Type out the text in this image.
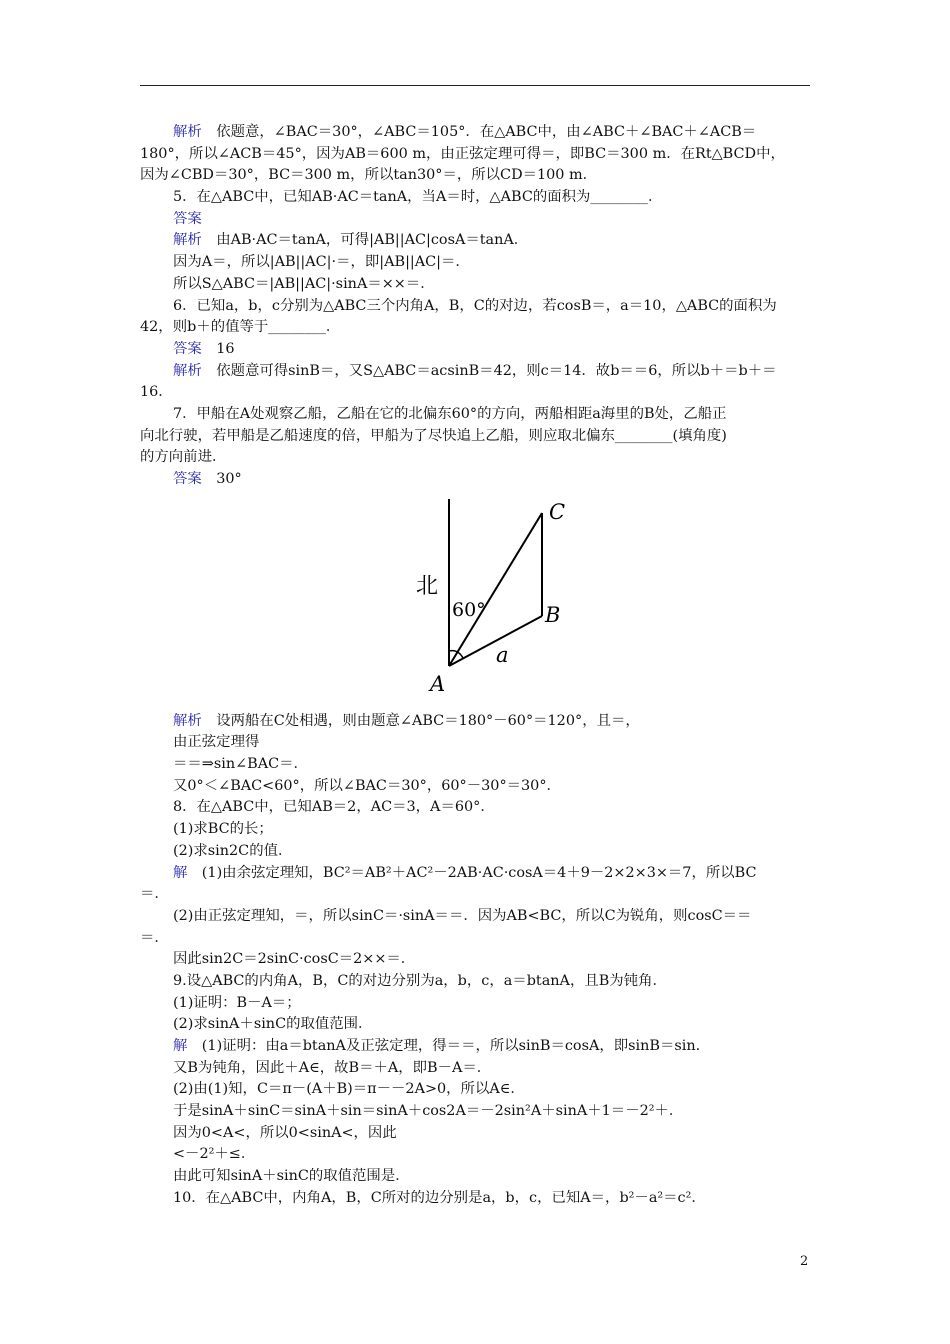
解析　依题意，∠BAC＝30°，∠ABC＝105°．在△ABC中，由∠ABC＋∠BAC＋∠ACB＝
180°，所以∠ACB＝45°，因为AB＝600 m，由正弦定理可得＝，即BC＝300 m．在Rt△BCD中，
因为∠CBD＝30°，BC＝300 m，所以tan30°＝，所以CD＝100 m．
5．在△ABC中，已知AB·AC＝tanA，当A＝时，△ABC的面积为________．
答案
解析　由AB·AC＝tanA，可得|AB||AC|cosA＝tanA．
因为A＝，所以|AB||AC|·＝，即|AB||AC|＝．
所以S△ABC＝|AB||AC|·sinA＝××＝．
6．已知a，b，c分别为△ABC三个内角A，B，C的对边，若cosB＝，a＝10，△ABC的面积为
42，则b＋的值等于________．
答案　16
解析　依题意可得sinB＝，又S△ABC＝acsinB＝42，则c＝14．故b＝＝6，所以b＋＝b＋＝
16．
7．甲船在A处观察乙船，乙船在它的北偏东60°的方向，两船相距a海里的B处，乙船正
向北行驶，若甲船是乙船速度的倍，甲船为了尽快追上乙船，则应取北偏东________(填角度)
的方向前进．
答案　30°
北
60°
a
A
B
C
解析　设两船在C处相遇，则由题意∠ABC＝180°－60°＝120°，且＝，
由正弦定理得
＝＝⇒sin∠BAC＝．
又0°＜∠BAC<60°，所以∠BAC＝30°，60°－30°＝30°．
8．在△ABC中，已知AB＝2，AC＝3，A＝60°．
(1)求BC的长；
(2)求sin2C的值．
解　(1)由余弦定理知，BC²＝AB²＋AC²－2AB·AC·cosA＝4＋9－2×2×3×＝7，所以BC
＝．
(2)由正弦定理知，＝，所以sinC＝·sinA＝＝．因为AB<BC，所以C为锐角，则cosC＝＝
＝．
因此sin2C＝2sinC·cosC＝2××＝．
9.设△ABC的内角A，B，C的对边分别为a，b，c，a＝btanA，且B为钝角．
(1)证明：B－A＝；
(2)求sinA＋sinC的取值范围．
解　(1)证明：由a＝btanA及正弦定理，得＝＝，所以sinB＝cosA，即sinB＝sin.
又B为钝角，因此＋A∈，故B＝＋A，即B－A＝．
(2)由(1)知，C＝π－(A＋B)＝π－－2A>0，所以A∈．
于是sinA＋sinC＝sinA＋sin＝sinA＋cos2A＝－2sin²A＋sinA＋1＝－2²＋．
因为0<A<，所以0<sinA<，因此
<－2²＋≤．
由此可知sinA＋sinC的取值范围是．
10．在△ABC中，内角A，B，C所对的边分别是a，b，c，已知A＝，b²－a²＝c²．
2
